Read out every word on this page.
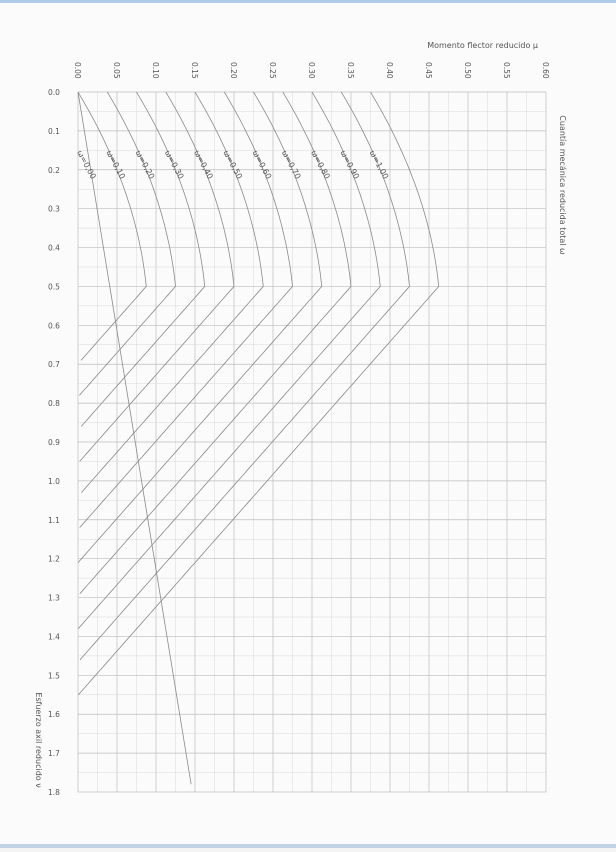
0.00	0.05	0.10	0.15	0.20	0.25	0.30	0.35	0.40	0.45	0.50	0.55	0.60
0.0
0.1
0.2
0.3
0.4
0.5
0.6
0.7
0.8
0.9
1.0
1.1
1.2
1.3
1.4
1.5
1.6
1.7
1.8
ω=0,00 ω=0,10 ω=0,20 ω=0,30 ω=0,40 ω=0,50 ω=0,60 ω=0,70 ω=0,80 ω=0,90 ω=1,00
Momento flector reducido μ
Esfuerzo axil reducido ν
Cuantía mecánica reducida total ω
